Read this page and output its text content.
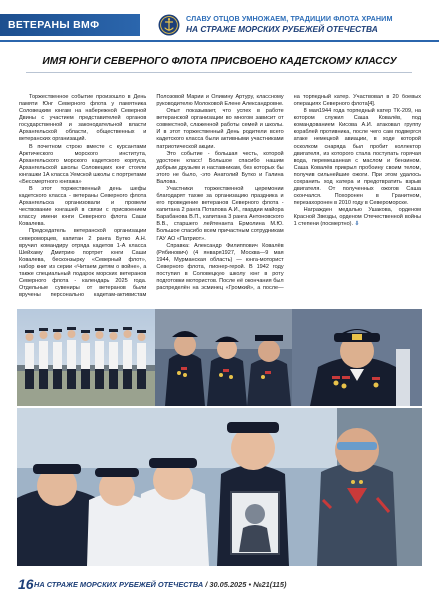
ВЕТЕРАНЫ ВМФ
СЛАВУ ОТЦОВ УМНОЖАЕМ, ТРАДИЦИИ ФЛОТА ХРАНИМ
НА СТРАЖЕ МОРСКИХ РУБЕЖЕЙ ОТЕЧЕСТВА
ИМЯ ЮНГИ СЕВЕРНОГО ФЛОТА ПРИСВОЕНО КАДЕТСКОМУ КЛАССУ

Торжественное событие произошло в День памяти Юнг Северного флота у памятника Соловецким юнгам на набережной Северной Двины с участием представителей органов государственной и законодательной власти Архангельской области, общественных и ветеранских организаций.

В почетном строю вместе с курсантами Арктического морского института, Архангельского морского кадетского корпуса, Архангельской школы Соловецких юнг стояли юнгашки 1А класса Уемской школы с портретами «Бессмертного юнгажа»

В этот торжественный день шефы кадетского класса - ветераны Северного флота Архангельска организовали и провели чествование юнгашей в связи с присвоением классу имени юнги Северного флота Саши Ковалева.

Председатель ветеранской организации североморцев, капитан 2 ранга Бутко А.Н. вручил командиру отряда кадетов 1-А класса Шейхаму Дмитрию портрет юнги Саши Ковалева, бесконзырку «Северный флот», набор книг из серии «Читаем детям о войне», а также специальный подарок морских ветеранов Северного флота - календарь 2025 года. Отдельные сувениры от ветеранов были вручены персонально кадетам-активистам Полозовой Марии и Оликину Артуру, классному руководителю Молоковой Елене Александровне.

Опыт показывает, что успех в работе ветеранской организации во многом зависит от совместной, слаженной работы семей и школы. И в этот торжественный День родители всего кадетского класса были активными участниками патриотической акции.

Это событие - большая честь, которой удостоен класс! Большое спасибо нашим добрым друзьям и наставникам, без которых бы этого не было, -это Анатолий Бутко и Галина Валова.

Участники торжественной церемонии благодарят тахже за организацию праздника и его проведение ветеранов Северного флота - капитана 2 ранга Потапова А.И., гвардии майора Барабанова В.П., капитана 3 ранга Антоновского В.В., старшего лейтенанта Ермолина М.Ю. Большое спасибо всем причастным сотрудникам ГАУ АО «Патриот».

Справка: Александр Филиппович Ковалёв (Рябинович) (4 января1927, Москва—9 мая 1944, Мурманская область) — юнга-моторист Северного флота, пионер-герой. В 1942 году поступил в Соловецкую школу юнг в роту подготовки мотористов. После её окончания был распределён на эсминец «Громкий», а после— на торпедный катер. Участвовал в 20 боевых операциях Северного флота[4].

8 мая1944 года торпедный катер ТК-209, на котором служил Саша Ковалёв, под командованием Кисова А.И. атаковал группу кораблей противника, после чего сам подвергся атаке немецкой авиации, в ходе которой осколком снаряда был пробит коллектор двигателя, из которого стала поступать горячая вода, перемешанная с маслом и бензином. Саша Ковалёв прикрыл пробоину своим телом, получив сильнейшие ожоги. При этом удалось сохранить ход катера и предотвратить взрыв двигателя. От полученных ожогов Саша скончался. Похоронен в Гранитном, перезахоронен в 2010 году в Североморске.

Награжден медалью Ушакова, орденом Красной Звезды, орденом Отечественной войны 1 степени (посмертно). ⇩

16 НА СТРАЖЕ МОРСКИХ РУБЕЖЕЙ ОТЕЧЕСТВА / 30.05.2025 • №21(115)
